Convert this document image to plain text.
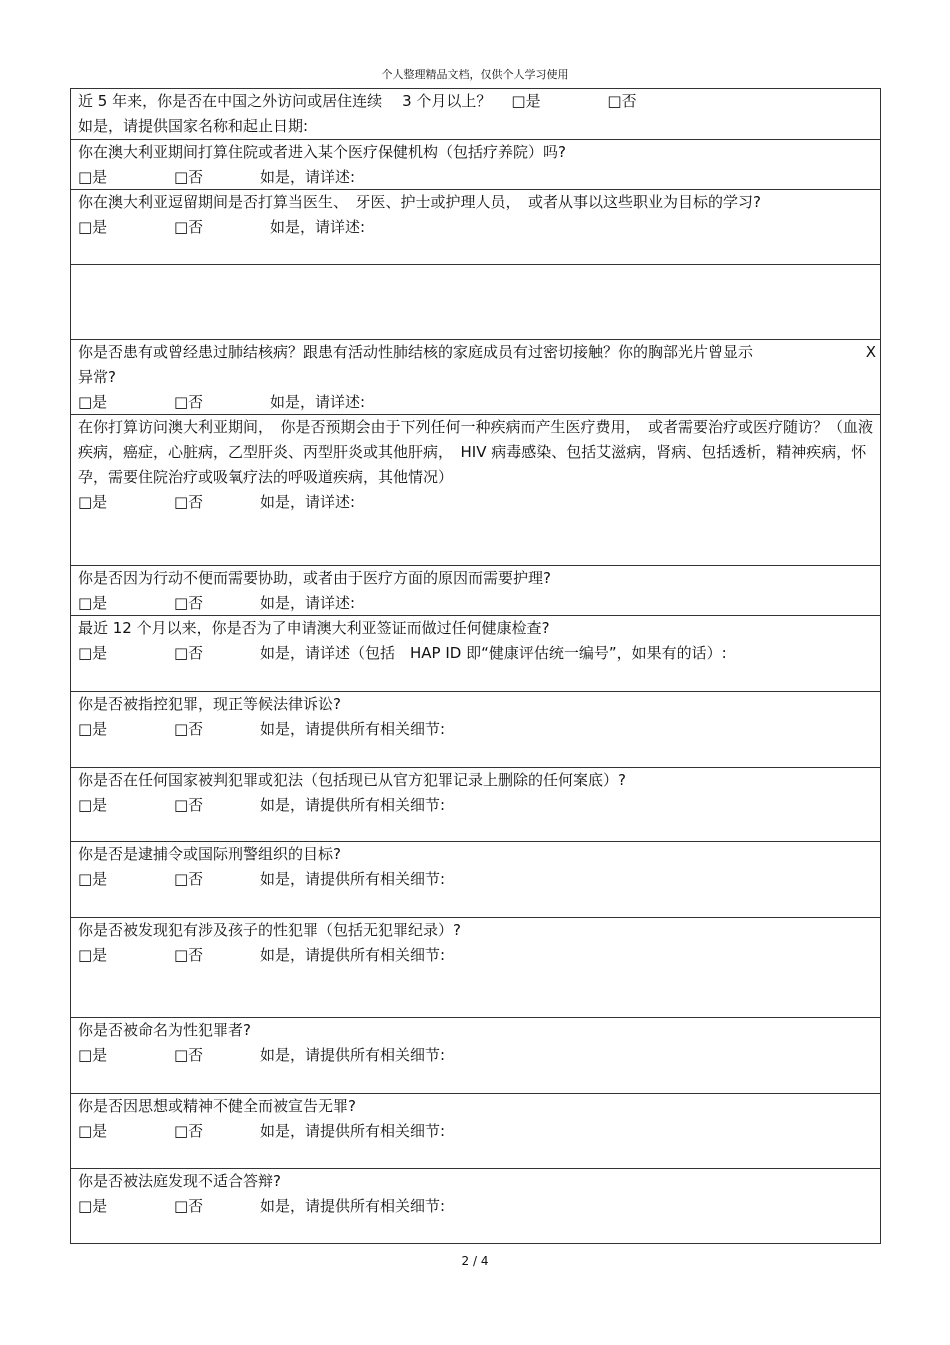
个人整理精品文档，仅供个人学习使用
近 5 年来，你是否在中国之外访问或居住连续 3 个月以上？ □是	□否
如是，请提供国家名称和起止日期:
你在澳大利亚期间打算住院或者进入某个医疗保健机构（包括疗养院）吗?
□是	□否	如是，请详述:
你在澳大利亚逗留期间是否打算当医生、　牙医、护士或护理人员，　或者从事以这些职业为目标的学习?
□是	□否	如是，请详述:
你是否患有或曾经患过肺结核病？跟患有活动性肺结核的家庭成员有过密切接触？你的胸部光片曾显示异常?
X
□是	□否	如是，请详述:
在你打算访问澳大利亚期间，　你是否预期会由于下列任何一种疾病而产生医疗费用，　或者需要治疗或医疗随访？（血液疾病，癌症，心脏病，乙型肝炎、丙型肝炎或其他肝病，　HIV 病毒感染、包括艾滋病，肾病、包括透析，精神疾病，怀孕，需要住院治疗或吸氧疗法的呼吸道疾病，其他情况）
□是	□否	如是，请详述:
你是否因为行动不便而需要协助，或者由于医疗方面的原因而需要护理?
□是	□否	如是，请详述:
最近 12 个月以来，你是否为了申请澳大利亚签证而做过任何健康检查?
□是	□否	如是，请详述（包括　HAP ID 即“健康评估统一编号”，如果有的话）:
你是否被指控犯罪，现正等候法律诉讼?
□是	□否	如是，请提供所有相关细节:
你是否在任何国家被判犯罪或犯法（包括现已从官方犯罪记录上删除的任何案底）?
□是	□否	如是，请提供所有相关细节:
你是否是逮捕令或国际刑警组织的目标?
□是	□否	如是，请提供所有相关细节:
你是否被发现犯有涉及孩子的性犯罪（包括无犯罪纪录）?
□是	□否	如是，请提供所有相关细节:
你是否被命名为性犯罪者?
□是	□否	如是，请提供所有相关细节:
你是否因思想或精神不健全而被宣告无罪?
□是	□否	如是，请提供所有相关细节:
你是否被法庭发现不适合答辩?
□是	□否	如是，请提供所有相关细节:
2 / 4
